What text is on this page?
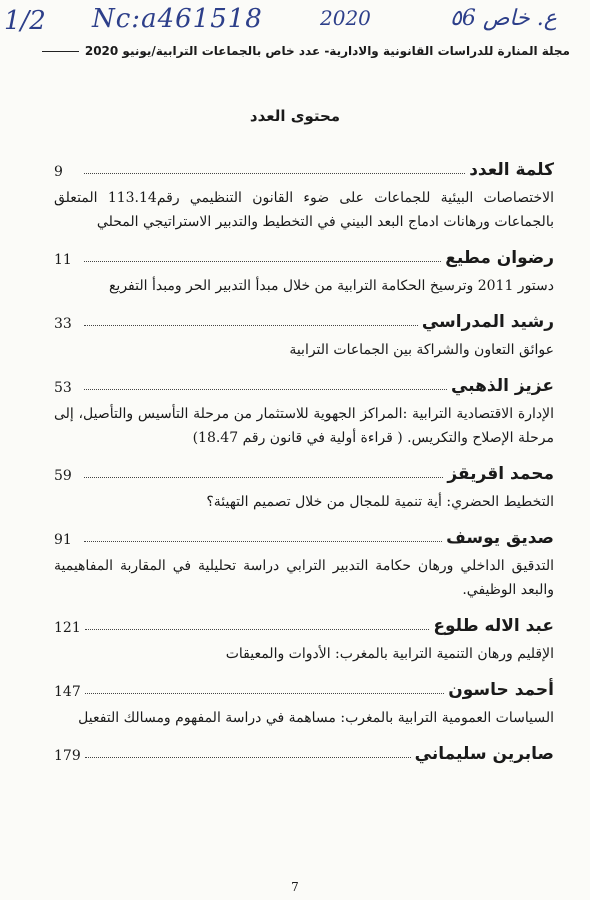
1/2 Nc:a461518	2020	ع. خاص ٥6
مجلة المنارة للدراسات القانونية والادارية- عدد خاص بالجماعات الترابية/يونيو 2020
محتوى العدد
كلمة العدد
9
الاختصاصات البيئية للجماعات على ضوء القانون التنظيمي رقم113.14 المتعلق بالجماعات ورهانات ادماج البعد البيني في التخطيط والتدبير الاستراتيجي المحلي
رضوان مطيع
11
دستور 2011 وترسيخ الحكامة الترابية من خلال مبدأ التدبير الحر ومبدأ التفريع
رشيد المدراسي
33
عوائق التعاون والشراكة بين الجماعات الترابية
عزيز الذهبي
53
الإدارة الاقتصادية الترابية :المراكز الجهوية للاستثمار من مرحلة التأسيس والتأصيل، إلى مرحلة الإصلاح والتكريس. ( قراءة أولية في قانون رقم 18.47)
محمد اقريقز
59
التخطيط الحضري: أية تنمية للمجال من خلال تصميم التهيئة؟
صديق يوسف
91
التدقيق الداخلي ورهان حكامة التدبير الترابي دراسة تحليلية في المقاربة المفاهيمية والبعد الوظيفي.
عبد الاله طلوع
121
الإقليم ورهان التنمية الترابية بالمغرب: الأدوات والمعيقات
أحمد حاسون
147
السياسات العمومية الترابية بالمغرب: مساهمة في دراسة المفهوم ومسالك التفعيل
صابرين سليماني
179
7
